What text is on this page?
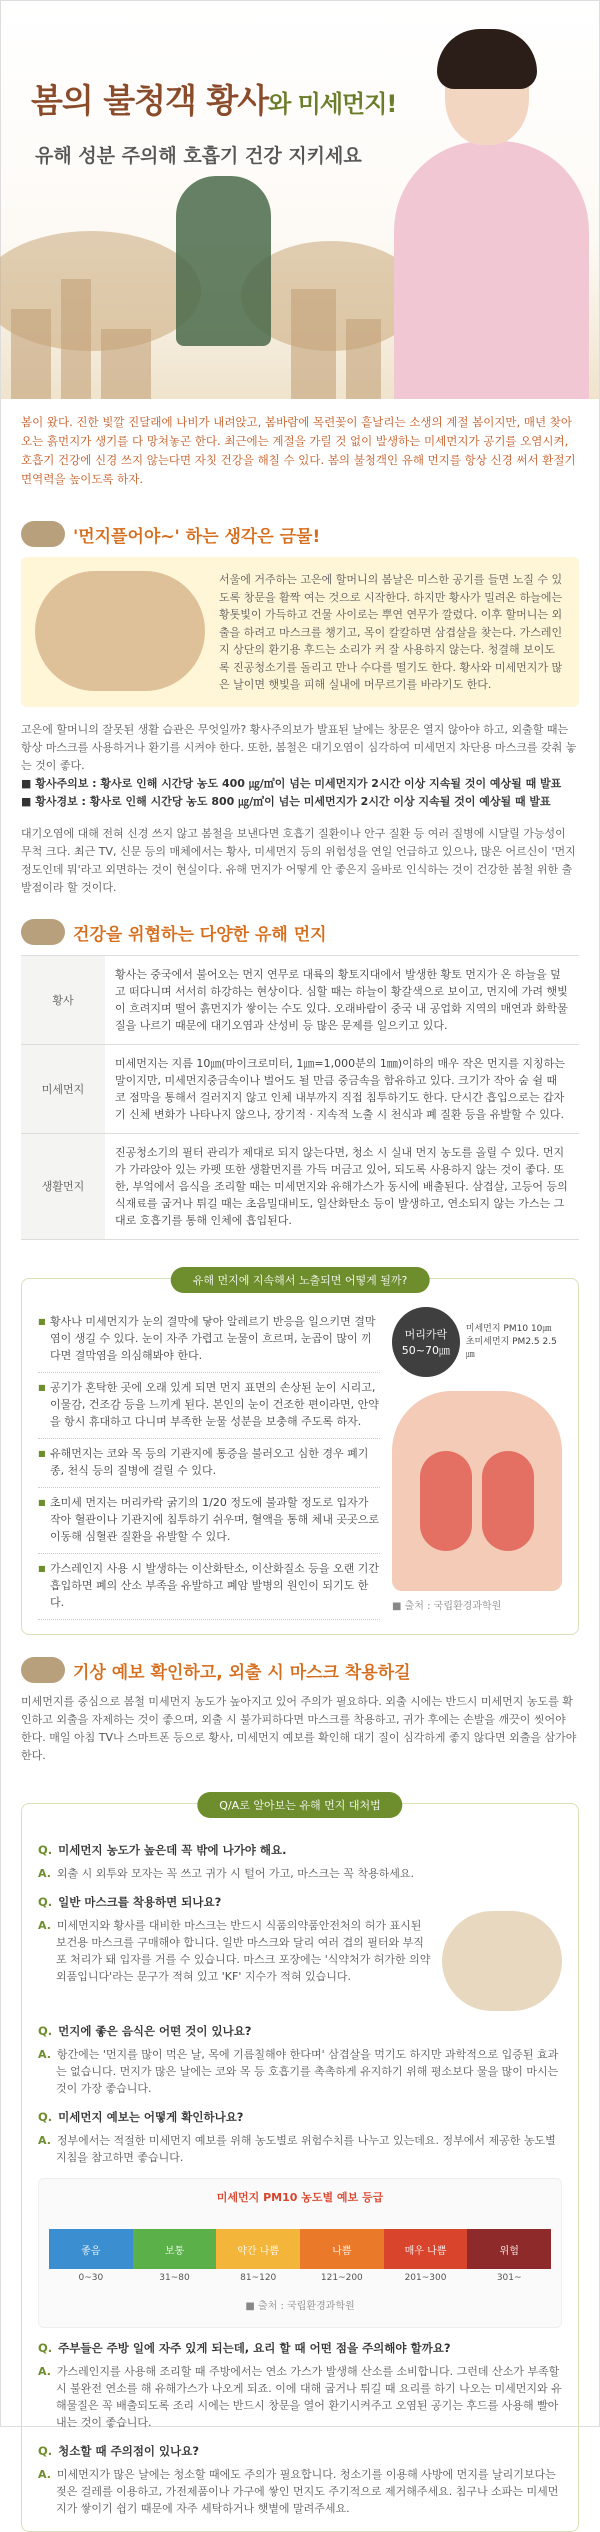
봄의 불청객 황사와 미세먼지!
유해 성분 주의해 호흡기 건강 지키세요

봄이 왔다. 진한 빛깔 진달래에 나비가 내려앉고, 봄바람에 목련꽃이 흩날리는 소생의 계절 봄이지만, 매년 찾아오는 흙먼지가 생기를 다 망쳐놓곤 한다. 최근에는 계절을 가릴 것 없이 발생하는 미세먼지가 공기를 오염시켜, 호흡기 건강에 신경 쓰지 않는다면 자칫 건강을 해칠 수 있다. 봄의 불청객인 유해 먼지를 항상 신경 써서 환절기 면역력을 높이도록 하자.

'먼지플어야~' 하는 생각은 금물!

서울에 거주하는 고은에 할머니의 봄날은 미스한 공기를 들면 노질 수 있도록 창문을 활짝 여는 것으로 시작한다. 하지만 황사가 밀려온 하늘에는 황톳빛이 가득하고 건물 사이로는 뿌연 연무가 깔렸다. 이후 할머니는 외출을 하려고 마스크를 챙기고, 목이 칼칼하면 삼겹살을 찾는다. 가스레인지 상단의 환기용 후드는 소리가 커 잘 사용하지 않는다. 청결해 보이도록 진공청소기를 돌리고 만나 수다를 떨기도 한다. 황사와 미세먼지가 많은 날이면 햇빛을 피해 실내에 머무르기를 바라기도 한다.

고은에 할머니의 잘못된 생활 습관은 무엇일까? 황사주의보가 발표된 날에는 창문은 열지 않아야 하고, 외출할 때는 항상 마스크를 사용하거나 환기를 시켜야 한다. 또한, 봄철은 대기오염이 심각하여 미세먼지 차단용 마스크를 갖춰 놓는 것이 좋다.

■ 황사주의보 : 황사로 인해 시간당 농도 400 ㎍/㎥이 넘는 미세먼지가 2시간 이상 지속될 것이 예상될 때 발표

■ 황사경보 : 황사로 인해 시간당 농도 800 ㎍/㎥이 넘는 미세먼지가 2시간 이상 지속될 것이 예상될 때 발표

대기오염에 대해 전혀 신경 쓰지 않고 봄철을 보낸다면 호흡기 질환이나 안구 질환 등 여러 질병에 시달릴 가능성이 무척 크다. 최근 TV, 신문 등의 매체에서는 황사, 미세먼지 등의 위험성을 연일 언급하고 있으나, 많은 어르신이 '먼지 정도인데 뭐'라고 외면하는 것이 현실이다. 유해 먼지가 어떻게 안 좋은지 올바로 인식하는 것이 건강한 봄철 위한 출발점이라 할 것이다.

건강을 위협하는 다양한 유해 먼지
황사	황사는 중국에서 불어오는 먼지 연무로 대륙의 황토지대에서 발생한 황토 먼지가 온 하늘을 덮고 떠다니며 서서히 하강하는 현상이다. 심할 때는 하늘이 황갈색으로 보이고, 먼지에 가려 햇빛이 흐려지며 떨어 흙먼지가 쌓이는 수도 있다. 오래바람이 중국 내 공업화 지역의 매연과 화학물질을 나르기 때문에 대기오염과 산성비 등 많은 문제를 일으키고 있다.
미세먼지	미세먼지는 지름 10㎛(마이크로미터, 1㎛=1,000분의 1㎜)이하의 매우 작은 먼지를 지칭하는 말이지만, 미세먼지중금속이나 벌어도 될 만큼 중금속을 함유하고 있다. 크기가 작아 숨 쉴 때 코 점막을 통해서 걸러지지 않고 인체 내부까지 직접 침투하기도 한다. 단시간 흡입으로는 갑자기 신체 변화가 나타나지 않으나, 장기적 · 지속적 노출 시 천식과 폐 질환 등을 유발할 수 있다.
생활먼지	진공청소기의 필터 관리가 제대로 되지 않는다면, 청소 시 실내 먼지 농도를 올릴 수 있다. 먼지가 가라앉아 있는 카펫 또한 생활먼지를 가득 머금고 있어, 되도록 사용하지 않는 것이 좋다. 또한, 부엌에서 음식을 조리할 때는 미세먼지와 유해가스가 동시에 배출된다. 삼겹살, 고등어 등의 식재료를 굽거나 튀길 때는 초음밀대비도, 일산화탄소 등이 발생하고, 연소되지 않는 가스는 그대로 호흡기를 통해 인체에 흡입된다.
유해 먼지에 지속해서 노출되면 어떻게 될까?
■ 황사나 미세먼지가 눈의 결막에 닿아 알레르기 반응을 일으키면 결막염이 생길 수 있다. 눈이 자주 가렵고 눈물이 흐르며, 눈곱이 많이 끼다면 결막염을 의심해봐야 한다.
■ 공기가 혼탁한 곳에 오래 있게 되면 먼지 표면의 손상된 눈이 시리고, 이물감, 건조감 등을 느끼게 된다. 본인의 눈이 건조한 편이라면, 안약을 항시 휴대하고 다니며 부족한 눈물 성분을 보충해 주도록 하자.
■ 유해먼지는 코와 목 등의 기관지에 통증을 불러오고 심한 경우 폐기종, 천식 등의 질병에 걸릴 수 있다.
■ 초미세 먼지는 머리카락 굵기의 1/20 정도에 불과할 정도로 입자가 작아 혈관이나 기관지에 침투하기 쉬우며, 혈액을 통해 체내 곳곳으로 이동해 심혈관 질환을 유발할 수 있다.
■ 가스레인지 사용 시 발생하는 이산화탄소, 이산화질소 등을 오랜 기간 흡입하면 폐의 산소 부족을 유발하고 폐암 발병의 원인이 되기도 한다.
머리카락 50~70㎛
미세먼지 PM10 10㎛
초미세먼지 PM2.5 2.5㎛
■ 출처 : 국립환경과학원
기상 예보 확인하고, 외출 시 마스크 착용하길

미세먼지를 중심으로 봄철 미세먼지 농도가 높아지고 있어 주의가 필요하다. 외출 시에는 반드시 미세먼지 농도를 확인하고 외출을 자제하는 것이 좋으며, 외출 시 불가피하다면 마스크를 착용하고, 귀가 후에는 손발을 깨끗이 씻어야 한다. 매일 아침 TV나 스마트폰 등으로 황사, 미세먼지 예보를 확인해 대기 질이 심각하게 좋지 않다면 외출을 삼가야 한다.

Q/A로 알아보는 유해 먼지 대처법

Q. 미세먼지 농도가 높은데 꼭 밖에 나가야 해요.

A. 외출 시 외투와 모자는 꼭 쓰고 귀가 시 털어 가고, 마스크는 꼭 착용하세요.

Q. 일반 마스크를 착용하면 되나요?

A. 미세먼지와 황사를 대비한 마스크는 반드시 식품의약품안전처의 허가 표시된 보건용 마스크를 구매해야 합니다. 일반 마스크와 달리 여러 겹의 필터와 부직포 처리가 돼 입자를 거를 수 있습니다. 마스크 포장에는 '식약처가 허가한 의약외품입니다'라는 문구가 적혀 있고 'KF' 지수가 적혀 있습니다.

Q. 먼지에 좋은 음식은 어떤 것이 있나요?

A. 항간에는 '먼지를 많이 먹은 날, 목에 기름칠해야 한다며' 삼겹살을 먹기도 하지만 과학적으로 입증된 효과는 없습니다. 먼지가 많은 날에는 코와 목 등 호흡기를 촉촉하게 유지하기 위해 평소보다 물을 많이 마시는 것이 가장 좋습니다.

Q. 미세먼지 예보는 어떻게 확인하나요?

A. 정부에서는 적절한 미세먼지 예보를 위해 농도별로 위험수치를 나누고 있는데요. 정부에서 제공한 농도별 지침을 참고하면 좋습니다.

미세먼지 PM10 농도별 예보 등급
좋음	보통	약간 나쁨	나쁨	매우 나쁨	위험
0~30	31~80	81~120	121~200	201~300	301~
■ 출처 : 국립환경과학원

Q. 주부들은 주방 일에 자주 있게 되는데, 요리 할 때 어떤 점을 주의해야 할까요?

A. 가스레인지를 사용해 조리할 때 주방에서는 연소 가스가 발생해 산소를 소비합니다. 그런데 산소가 부족할 시 불완전 연소를 해 유해가스가 나오게 되죠. 이에 대해 굽거나 튀길 때 요리를 하기 나오는 미세먼지와 유해물질은 꼭 배출되도록 조리 시에는 반드시 창문을 열어 환기시켜주고 오염된 공기는 후드를 사용해 빨아내는 것이 좋습니다.

Q. 청소할 때 주의점이 있나요?

A. 미세먼지가 많은 날에는 청소할 때에도 주의가 필요합니다. 청소기를 이용해 사방에 먼지를 날리기보다는 젖은 걸레를 이용하고, 가전제품이나 가구에 쌓인 먼지도 주기적으로 제거해주세요. 침구나 소파는 미세먼지가 쌓이기 쉽기 때문에 자주 세탁하거나 햇볕에 말려주세요.
